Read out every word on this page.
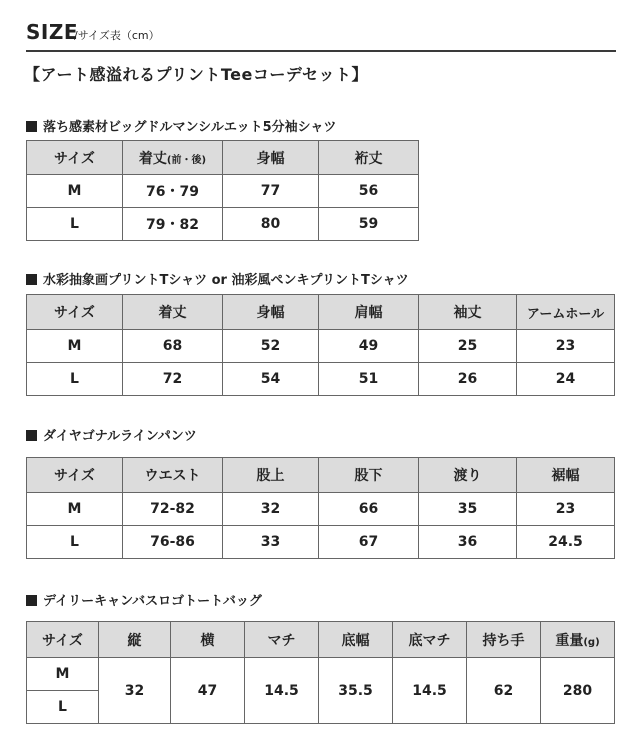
SIZE
/サイズ表（cm）
【アート感溢れるプリントTeeコーデセット】
落ち感素材ビッグドルマンシルエット5分袖シャツ
サイズ	着丈(前・後)	身幅	裄丈
M	76・79	77	56
L	79・82	80	59
水彩抽象画プリントTシャツ or 油彩風ペンキプリントTシャツ
サイズ	着丈	身幅	肩幅	袖丈	アームホール
M	68	52	49	25	23
L	72	54	51	26	24
ダイヤゴナルラインパンツ
サイズ	ウエスト	股上	股下	渡り	裾幅
M	72-82	32	66	35	23
L	76-86	33	67	36	24.5
デイリーキャンバスロゴトートバッグ
サイズ	縦	横	マチ	底幅	底マチ	持ち手	重量(g)
M	32	47	14.5	35.5	14.5	62	280
L							
